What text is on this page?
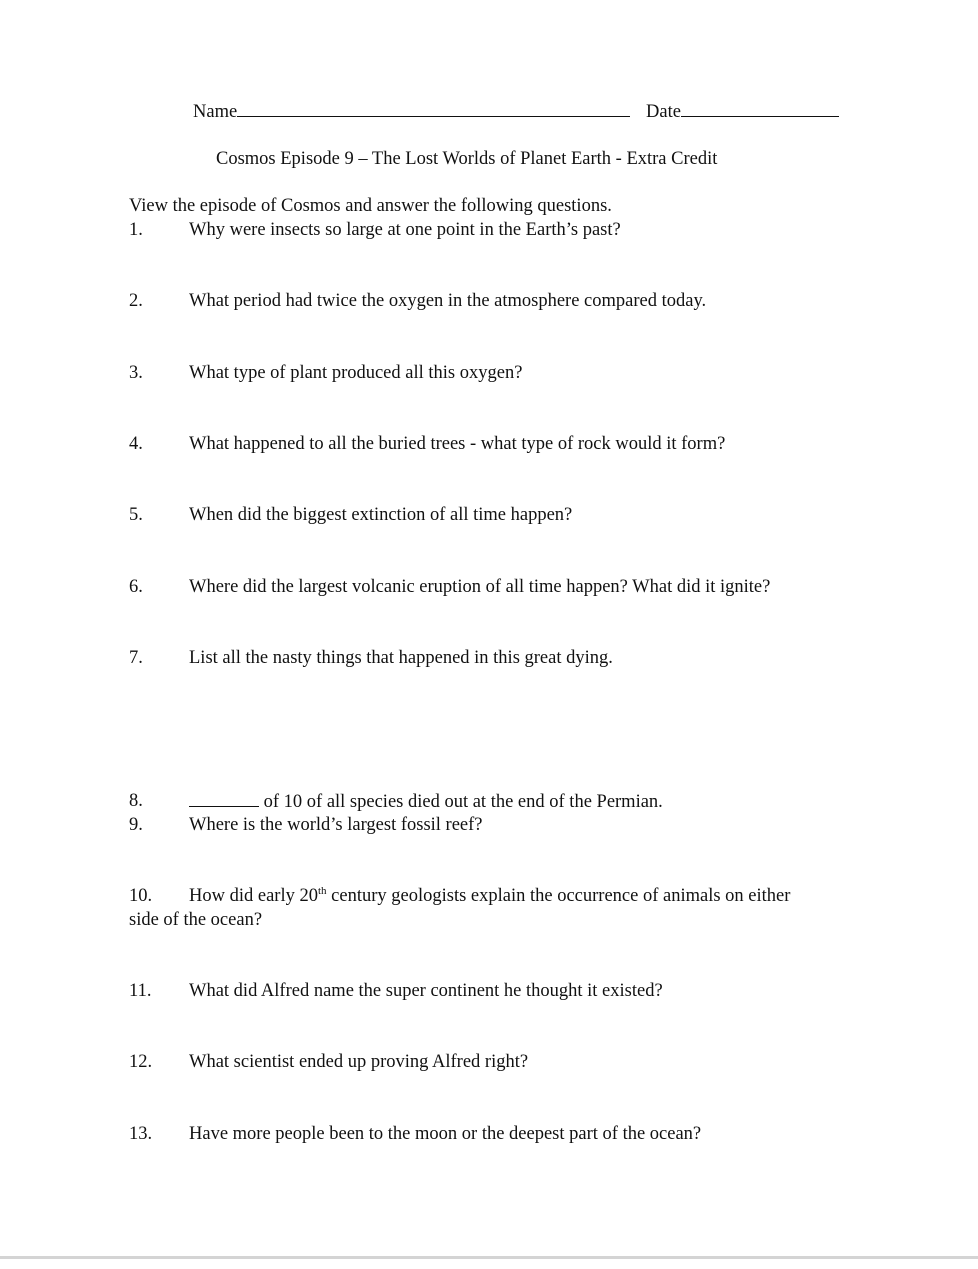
Name	Date
Cosmos Episode 9 – The Lost Worlds of Planet Earth - Extra Credit
View the episode of Cosmos and answer the following questions.
1. Why were insects so large at one point in the Earth’s past?
2. What period had twice the oxygen in the atmosphere compared today.
3. What type of plant produced all this oxygen?
4. What happened to all the buried trees - what type of rock would it form?
5. When did the biggest extinction of all time happen?
6. Where did the largest volcanic eruption of all time happen? What did it ignite?
7. List all the nasty things that happened in this great dying.
8.	of 10 of all species died out at the end of the Permian.
9. Where is the world’s largest fossil reef?
10. How did early 20th century geologists explain the occurrence of animals on either
side of the ocean?
11. What did Alfred name the super continent he thought it existed?
12. What scientist ended up proving Alfred right?
13. Have more people been to the moon or the deepest part of the ocean?
